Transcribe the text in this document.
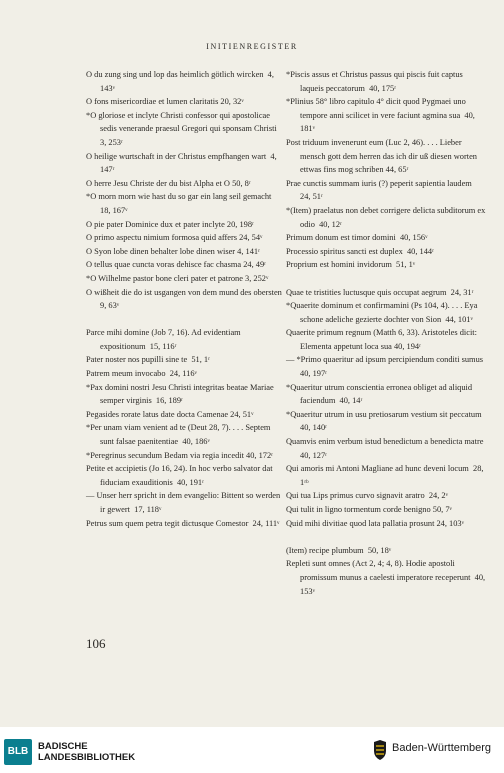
INITIENREGISTER

O du zung sing und lop das heimlich götlich wircken  4, 143ᵛ

O fons misericordiae et lumen claritatis 20, 32ᵛ

*O gloriose et inclyte Christi confessor qui apostolicae sedis venerande praesul Gregori qui sponsam Christi  3, 253ʳ

O heilige wurtschaft in der Christus empfhangen wart  4, 147ʳ

O herre Jesu Christe der du bist Alpha et O 50, 8ʳ

*O morn morn wie hast du so gar ein lang seil gemacht  18, 167ᵛ

O pie pater Dominice dux et pater inclyte 20, 198ʳ

O primo aspectu nimium formosa quid affers 24, 54ᵛ

O Syon lobe dinen behalter lobe dinen wiser 4, 141ʳ

O tellus quae cuncta voras dehisce fac chasma 24, 49ʳ

*O Wilhelme pastor bone cleri pater et patrone 3, 252ᵛ

O wißheit die do ist usgangen von dem mund des obersten  9, 63ᵛ

Parce mihi domine (Job 7, 16). Ad evidentiam expositionum  15, 116ʳ

Pater noster nos pupilli sine te  51, 1ʳ

Patrem meum invocabo  24, 116ᵛ

*Pax domini nostri Jesu Christi integritas beatae Mariae semper virginis  16, 189ʳ

Pegasides rorate latus date docta Camenae 24, 51ᵛ

*Per unam viam venient ad te (Deut 28, 7). . . . Septem sunt falsae paenitentiae  40, 186ᵛ

*Peregrinus secundum Bedam via regia incedit 40, 172ʳ

Petite et accipietis (Jo 16, 24). In hoc verbo salvator dat fiduciam exauditionis  40, 191ʳ

— Unser herr spricht in dem evangelio: Bittent so werden ir gewert  17, 118ᵛ

Petrus sum quem petra tegit dictusque Comestor  24, 111ᵛ

*Piscis assus et Christus passus qui piscis fuit captus laqueis peccatorum  40, 175ʳ

*Plinius 58° libro capitulo 4° dicit quod Pygmaei uno tempore anni scilicet in vere faciunt agmina sua  40, 181ᵛ

Post triduum invenerunt eum (Luc 2, 46). . . . Lieber mensch gott dem herren das ich dir uß diesen worten ettwas fins mog schriben 44, 65ʳ

Prae cunctis summam iuris (?) peperit sapientia laudem  24, 51ʳ

*(Item) praelatus non debet corrigere delicta subditorum ex odio  40, 12ʳ

Primum donum est timor domini  40, 156ᵛ

Processio spiritus sancti est duplex  40, 144ʳ

Proprium est homini invidorum  51, 1ᵛ

Quae te tristities luctusque quis occupat aegrum  24, 31ʳ

*Quaerite dominum et confirmamini (Ps 104, 4). . . . Eya schone adeliche gezierte dochter von Sion  44, 101ᵛ

Quaerite primum regnum (Matth 6, 33). Aristoteles dicit: Elementa appetunt loca sua 40, 194ʳ

— *Primo quaeritur ad ipsum percipiendum conditi sumus  40, 197ʳ

*Quaeritur utrum conscientia erronea obliget ad aliquid faciendum  40, 14ʳ

*Quaeritur utrum in usu pretiosarum vestium sit peccatum  40, 140ʳ

Quamvis enim verbum istud benedictum a benedicta matre  40, 127ʳ

Qui amoris mi Antoni Magliane ad hunc deveni locum  28, 1ʳᵇ

Qui tua Lips primus curvo signavit aratro  24, 2ᵛ

Qui tulit in ligno tormentum corde benigno 50, 7ᵛ

Quid mihi divitiae quod lata pallatia prosunt 24, 103ᵛ

(Item) recipe plumbum  50, 18ᵛ

Repleti sunt omnes (Act 2, 4; 4, 8). Hodie apostoli promissum munus a caelesti imperatore receperunt  40, 153ᵛ

106
BLB	BADISCHE
LANDESBIBLIOTHEK
Baden-Württemberg
